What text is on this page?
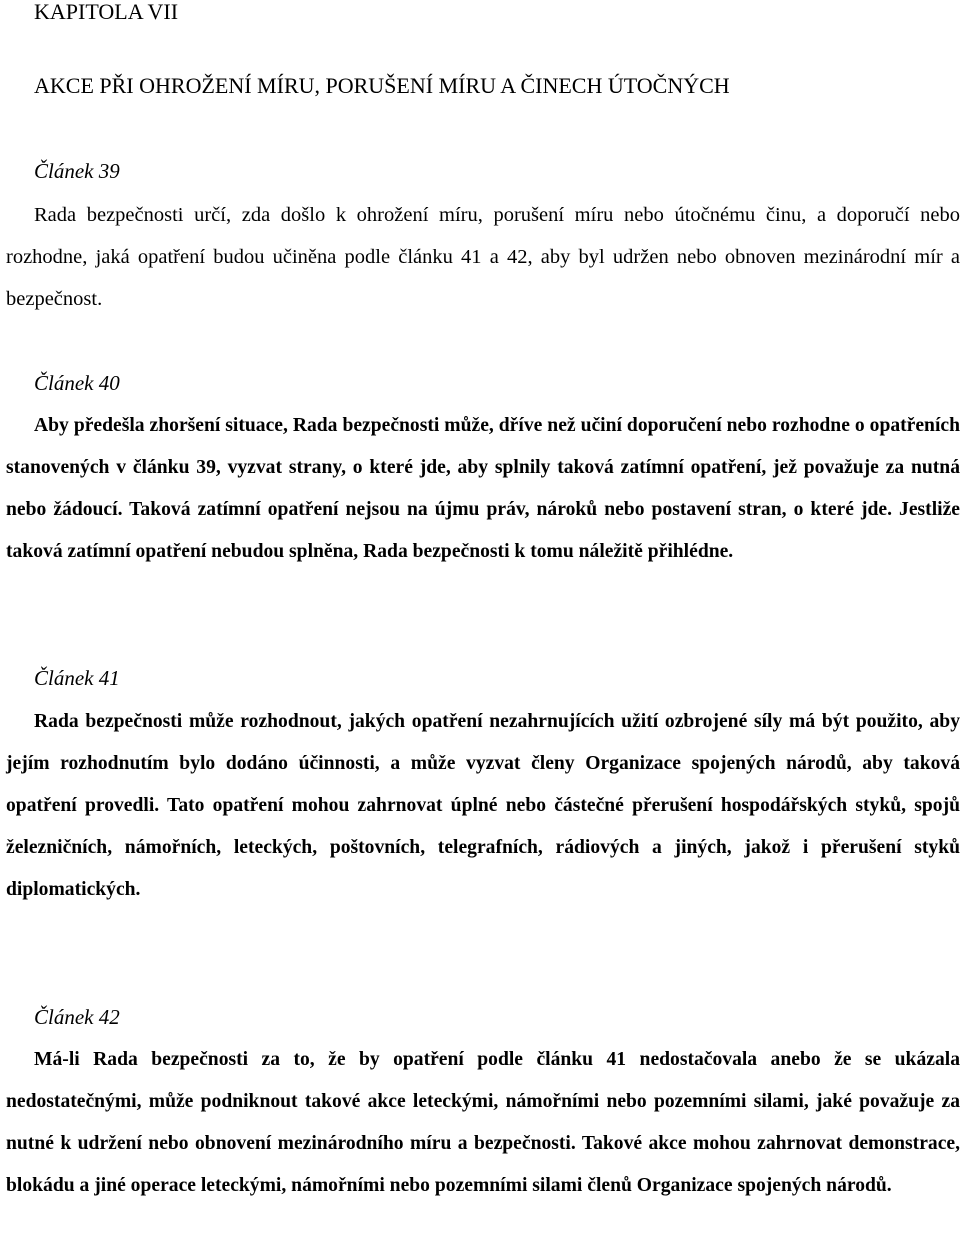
KAPITOLA VII
AKCE PŘI OHROŽENÍ MÍRU, PORUŠENÍ MÍRU A ČINECH ÚTOČNÝCH
Článek 39

Rada bezpečnosti určí, zda došlo k ohrožení míru, porušení míru nebo útočnému činu, a doporučí nebo rozhodne, jaká opatření budou učiněna podle článku 41 a 42, aby byl udržen nebo obnoven mezinárodní mír a bezpečnost.

Článek 40

Aby předešla zhoršení situace, Rada bezpečnosti může, dříve než učiní doporučení nebo rozhodne o opatřeních stanovených v článku 39, vyzvat strany, o které jde, aby splnily taková zatímní opatření, jež považuje za nutná nebo žádoucí. Taková zatímní opatření nejsou na újmu práv, nároků nebo postavení stran, o které jde. Jestliže taková zatímní opatření nebudou splněna, Rada bezpečnosti k tomu náležitě přihlédne.

Článek 41

Rada bezpečnosti může rozhodnout, jakých opatření nezahrnujících užití ozbrojené síly má být použito, aby jejím rozhodnutím bylo dodáno účinnosti, a může vyzvat členy Organizace spojených národů, aby taková opatření provedli. Tato opatření mohou zahrnovat úplné nebo částečné přerušení hospodářských styků, spojů železničních, námořních, leteckých, poštovních, telegrafních, rádiových a jiných, jakož i přerušení styků diplomatických.

Článek 42

Má-li Rada bezpečnosti za to, že by opatření podle článku 41 nedostačovala anebo že se ukázala nedostatečnými, může podniknout takové akce leteckými, námořními nebo pozemními silami, jaké považuje za nutné k udržení nebo obnovení mezinárodního míru a bezpečnosti. Takové akce mohou zahrnovat demonstrace, blokádu a jiné operace leteckými, námořními nebo pozemními silami členů Organizace spojených národů.
